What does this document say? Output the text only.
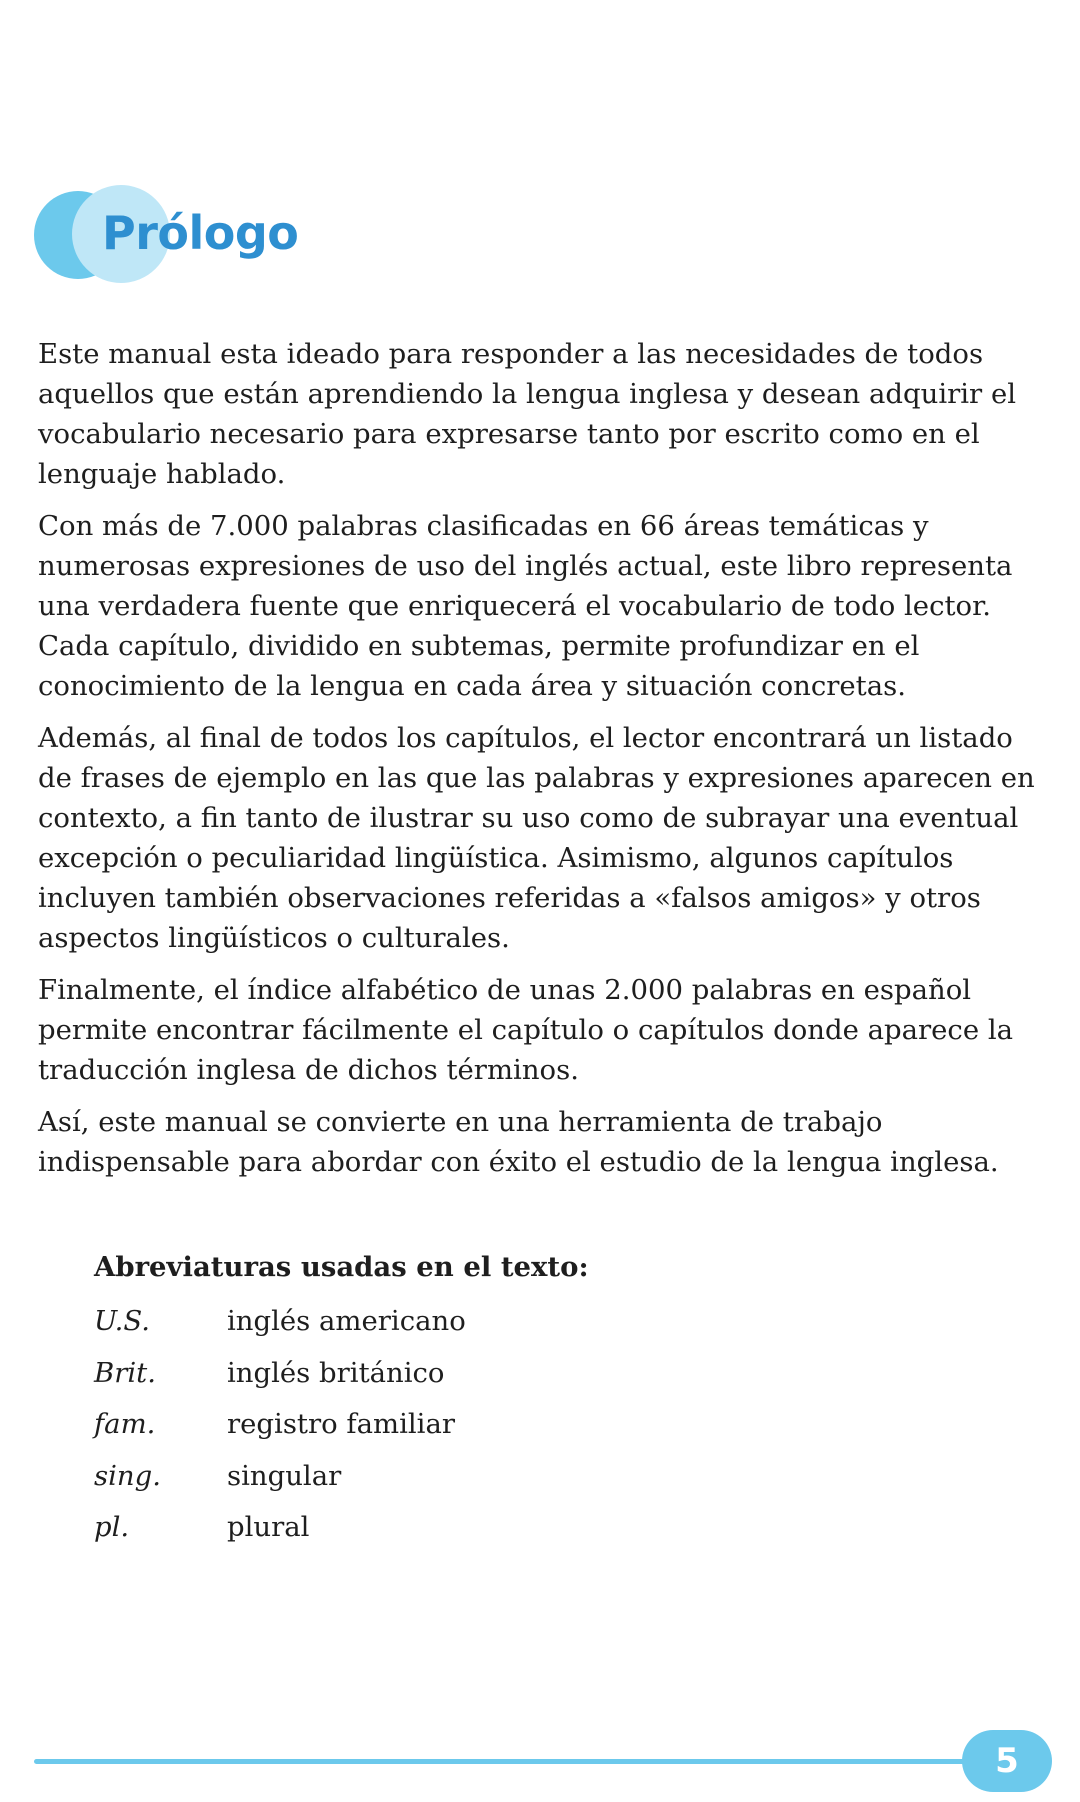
Prólogo

Este manual esta ideado para responder a las necesidades de todos aquellos que están aprendiendo la lengua inglesa y desean adquirir el vocabulario necesario para expresarse tanto por escrito como en el lenguaje hablado.

Con más de 7.000 palabras clasificadas en 66 áreas temáticas y numerosas expresiones de uso del inglés actual, este libro representa una verdadera fuente que enriquecerá el vocabulario de todo lector. Cada capítulo, dividido en subtemas, permite profundizar en el conocimiento de la lengua en cada área y situación concretas.

Además, al final de todos los capítulos, el lector encontrará un listado de frases de ejemplo en las que las palabras y expresiones aparecen en contexto, a fin tanto de ilustrar su uso como de subrayar una eventual excepción o peculiaridad lingüística. Asimismo, algunos capítulos incluyen también observaciones referidas a «falsos amigos» y otros aspectos lingüísticos o culturales.

Finalmente, el índice alfabético de unas 2.000 palabras en español permite encontrar fácilmente el capítulo o capítulos donde aparece la traducción inglesa de dichos términos.

Así, este manual se convierte en una herramienta de trabajo indispensable para abordar con éxito el estudio de la lengua inglesa.

Abreviaturas usadas en el texto:
U.S.	inglés americano
Brit.	inglés británico
fam.	registro familiar
sing.	singular
pl.	plural
5
